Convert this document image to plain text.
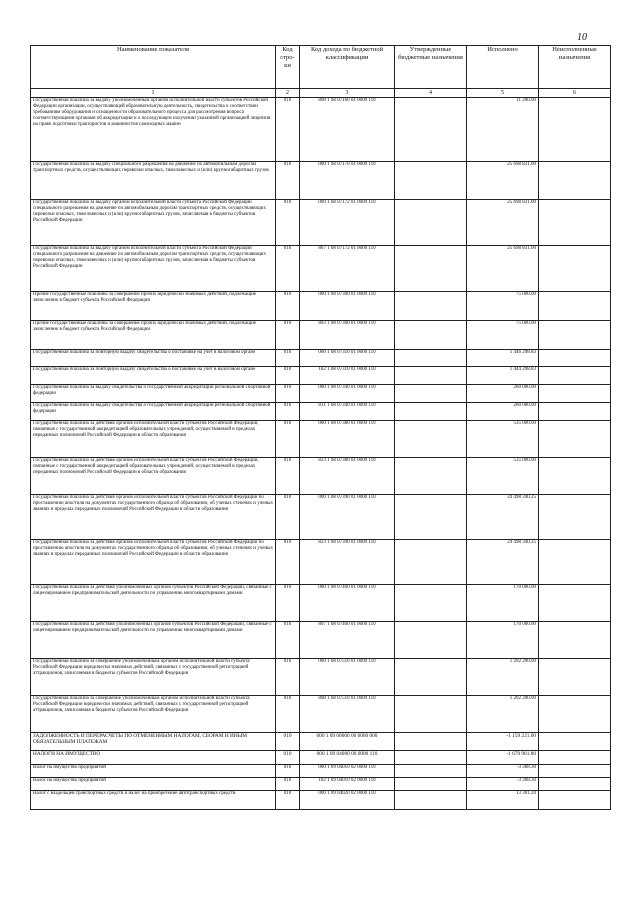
10
Наименование показателя	Код стро-ки	Код дохода по бюджетной классификации	Утвержденные бюджетные назначения	Исполнено	Неисполненные назначения
1	2	3	4	5	6
Государственная пошлина за выдачу уполномоченным органом исполнительной власти субъектов Российской Федерации организации, осуществляющей образовательную деятельность, свидетельства о соответствии требованиям оборудования и оснащенности образовательного процесса для рассмотрения вопроса соответствующими органами об аккредитации и о последующем получении указанной организацией лицензии на право подготовки трактористов и машинистов самоходных машин	010	808 1 08 07160 01 0000 110		11 200.00	
Государственная пошлина за выдачу специального разрешения на движение по автомобильным дорогам транспортных средств, осуществляющих перевозки опасных, тяжеловесных и (или) крупногабаритных грузов	010	000 1 08 07170 01 0000 110		25 698 831.00	
Государственная пошлина за выдачу органом исполнительной власти субъекта Российской Федерации специального разрешения на движение по автомобильным дорогам транспортных средств, осуществляющих перевозки опасных, тяжеловесных и (или) крупногабаритных грузов, зачисляемая в бюджеты субъектов Российской Федерации	010	000 1 08 07172 01 0000 110		25 698 831.00	
Государственная пошлина за выдачу органом исполнительной власти субъекта Российской Федерации специального разрешения на движение по автомобильным дорогам транспортных средств, осуществляющих перевозки опасных, тяжеловесных и (или) крупногабаритных грузов, зачисляемая в бюджеты субъектов Российской Федерации	010	867 1 08 07172 01 0000 110		25 698 831.00	
Прочие государственные пошлины за совершение прочих юридически значимых действий, подлежащие зачислению в бюджет субъекта Российской Федерации	010	000 1 08 07300 01 0000 110		75 000.00	
Прочие государственные пошлины за совершение прочих юридически значимых действий, подлежащие зачислению в бюджет субъекта Российской Федерации	010	803 1 08 07300 01 0000 110		75 000.00	
Государственная пошлина за повторную выдачу свидетельства о постановке на учет в налоговом органе	010	000 1 08 07310 01 0000 110		1 446 298.83	
Государственная пошлина за повторную выдачу свидетельства о постановке на учет в налоговом органе	010	182 1 08 07310 01 0000 110		1 444 298.83	
Государственная пошлина за выдачу свидетельства о государственной аккредитации региональной спортивной федерации	010	000 1 08 07340 01 0000 110		260 000.00	
Государственная пошлина за выдачу свидетельства о государственной аккредитации региональной спортивной федерации	010	831 1 08 07340 01 0000 110		260 000.00	
Государственная пошлина за действия органов исполнительной власти субъектов Российской Федерации, связанные с государственной аккредитацией образовательных учреждений, осуществляемой в пределах переданных полномочий Российской Федерации в области образования	010	000 1 08 07380 01 0000 110		535 000.00	
Государственная пошлина за действия органов исполнительной власти субъектов Российской Федерации, связанные с государственной аккредитацией образовательных учреждений, осуществляемой в пределах переданных полномочий Российской Федерации в области образования	010	823 1 08 07380 01 0000 110		535 000.00	
Государственная пошлина за действия органов исполнительной власти субъектов Российской Федерации по проставлению апостиля на документах государственного образца об образовании, об ученых степенях и ученых званиях в пределах переданных полномочий Российской Федерации в области образования	010	000 1 08 07390 01 0000 110		24 498 340.25	
Государственная пошлина за действия органов исполнительной власти субъектов Российской Федерации по проставлению апостиля на документах государственного образца об образовании, об ученых степенях и ученых званиях в пределах переданных полномочий Российской Федерации в области образования	010	823 1 08 07390 01 0000 110		24 498 340.25	
Государственная пошлина за действия уполномоченных органов субъектов Российской Федерации, связанные с лицензированием предпринимательской деятельности по управлению многоквартирными домами	010	000 1 08 07400 01 0000 110		170 000.00	
Государственная пошлина за действия уполномоченных органов субъектов Российской Федерации, связанные с лицензированием предпринимательской деятельности по управлению многоквартирными домами	010	807 1 08 07400 01 0000 110		170 000.00	
Государственная пошлина за совершение уполномоченным органом исполнительной власти субъекта Российской Федерации юридически значимых действий, связанных с государственной регистрацией аттракционов, зачисляемая в бюджеты субъектов Российской Федерации	010	000 1 08 07510 01 0000 110		1 202 200.00	
Государственная пошлина за совершение уполномоченным органом исполнительной власти субъекта Российской Федерации юридически значимых действий, связанных с государственной регистрацией аттракционов, зачисляемая в бюджеты субъектов Российской Федерации	010	808 1 08 07510 01 0000 110		1 202 200.00	
ЗАДОЛЖЕННОСТЬ И ПЕРЕРАСЧЕТЫ ПО ОТМЕНЕННЫМ НАЛОГАМ, СБОРАМ И ИНЫМ ОБЯЗАТЕЛЬНЫМ ПЛАТЕЖАМ	010	000 1 09 00000 00 0000 000		-1 159 221.00	
НАЛОГИ НА ИМУЩЕСТВО	010	000 1 09 04000 00 0000 110		-1 670 961.80	
Налог на имущество предприятий	010	000 1 09 04010 02 0000 110		-3 368.30	
Налог на имущество предприятий	010	182 1 09 04010 02 0000 110		-3 368.30	
Налог с владельцев транспортных средств и налог на приобретение автотранспортных средств	010	000 1 09 04020 02 0000 110		13 301.20	
